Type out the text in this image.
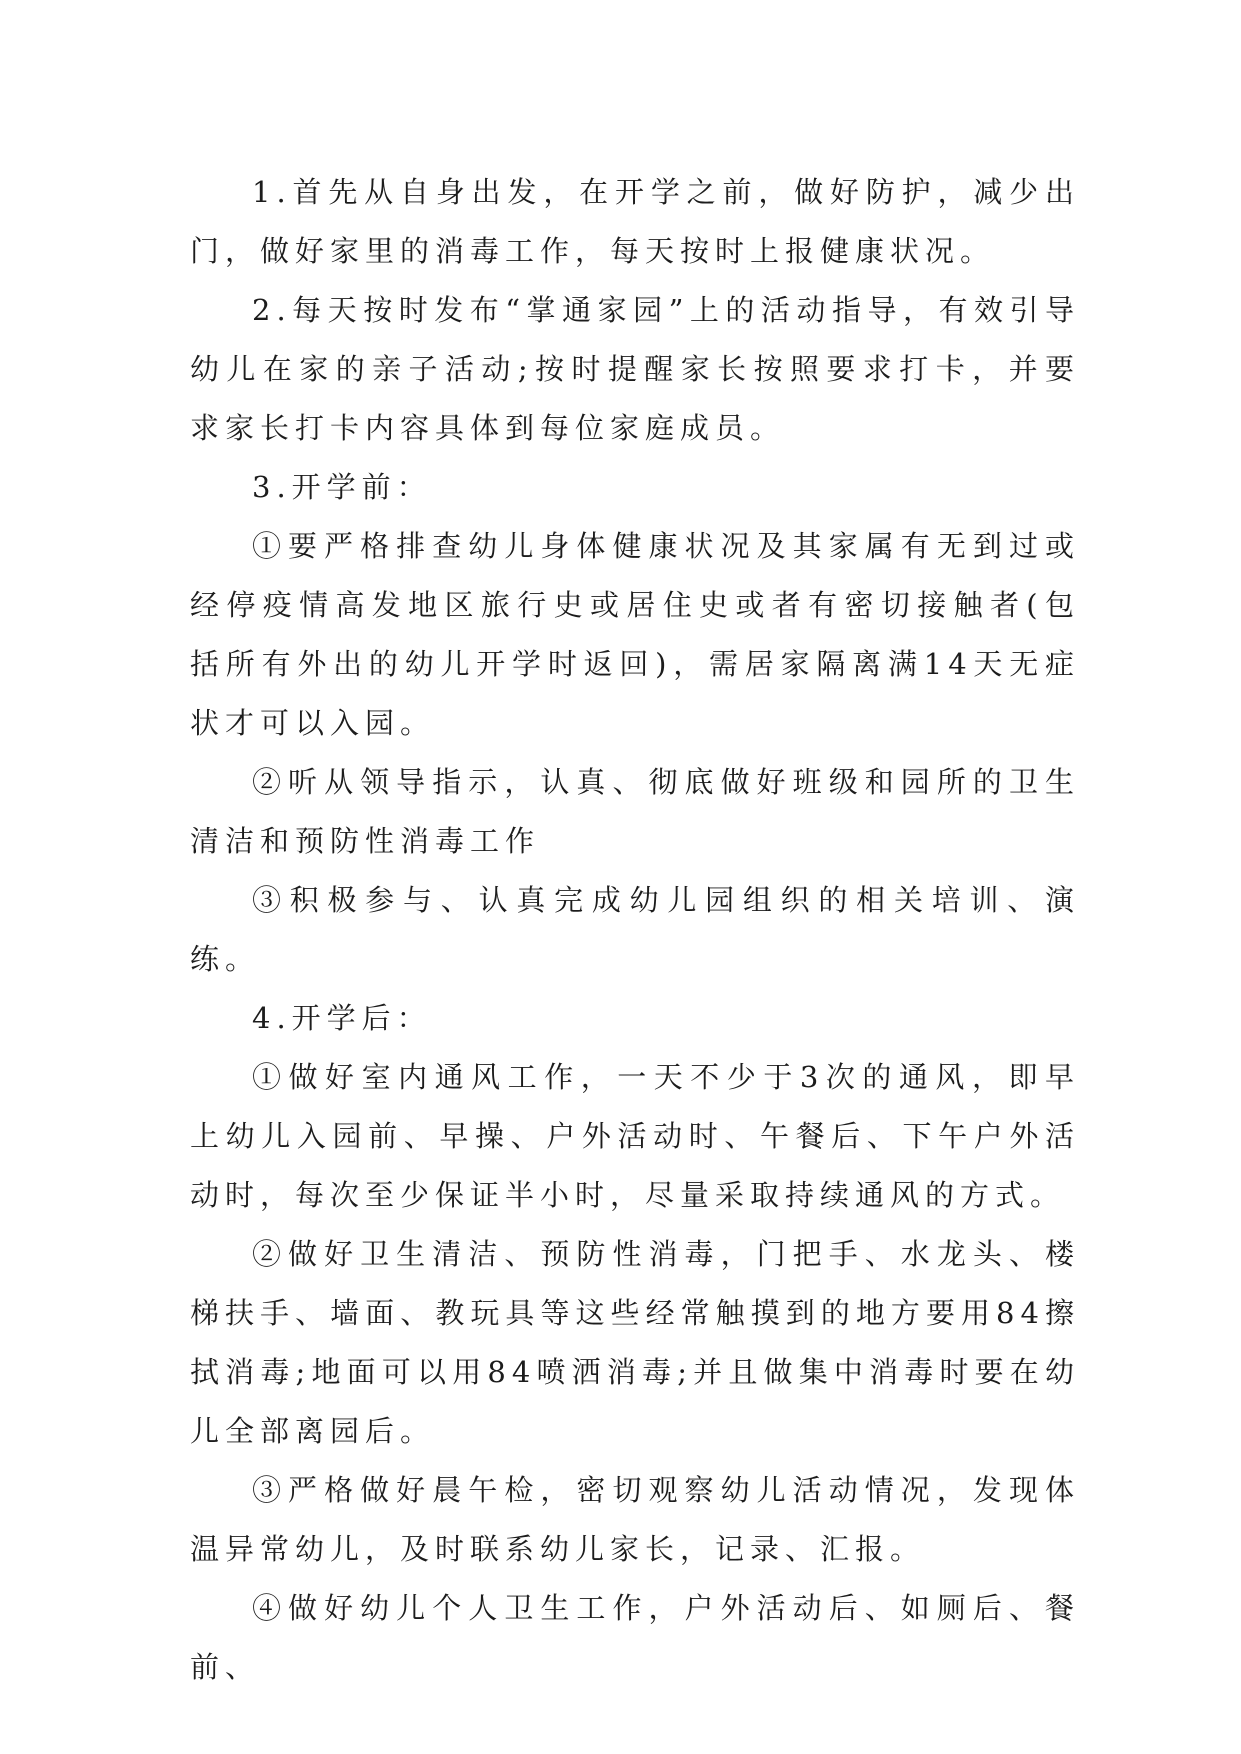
1.首先从自身出发，在开学之前，做好防护，减少出门，做好家里的消毒工作，每天按时上报健康状况。

2.每天按时发布“掌通家园”上的活动指导，有效引导幼儿在家的亲子活动;按时提醒家长按照要求打卡，并要求家长打卡内容具体到每位家庭成员。

3.开学前：

①要严格排查幼儿身体健康状况及其家属有无到过或经停疫情高发地区旅行史或居住史或者有密切接触者(包括所有外出的幼儿开学时返回)，需居家隔离满14天无症状才可以入园。

②听从领导指示，认真、彻底做好班级和园所的卫生清洁和预防性消毒工作

③积极参与、认真完成幼儿园组织的相关培训、演练。

4.开学后：

①做好室内通风工作，一天不少于3次的通风，即早上幼儿入园前、早操、户外活动时、午餐后、下午户外活动时，每次至少保证半小时，尽量采取持续通风的方式。

②做好卫生清洁、预防性消毒，门把手、水龙头、楼梯扶手、墙面、教玩具等这些经常触摸到的地方要用84擦拭消毒;地面可以用84喷洒消毒;并且做集中消毒时要在幼儿全部离园后。

③严格做好晨午检，密切观察幼儿活动情况，发现体温异常幼儿，及时联系幼儿家长，记录、汇报。

④做好幼儿个人卫生工作，户外活动后、如厕后、餐前、
